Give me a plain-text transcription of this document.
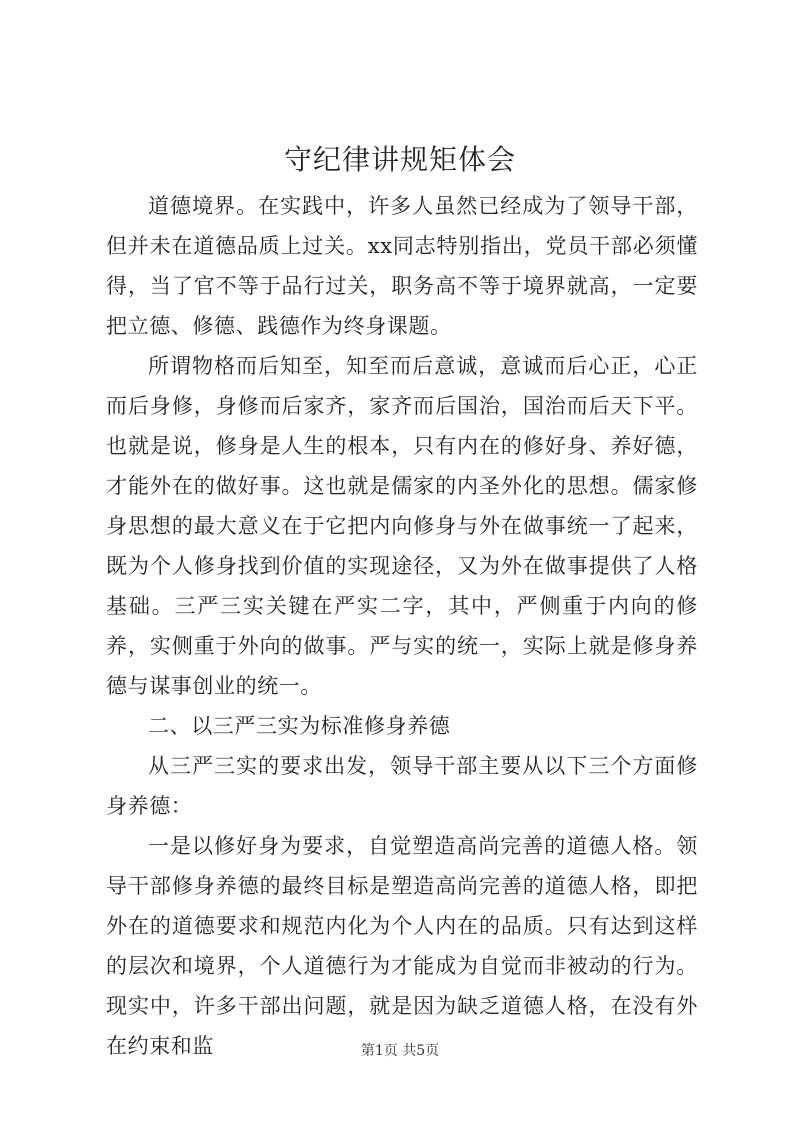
守纪律讲规矩体会

道德境界。在实践中，许多人虽然已经成为了领导干部，但并未在道德品质上过关。xx同志特别指出，党员干部必须懂得，当了官不等于品行过关，职务高不等于境界就高，一定要把立德、修德、践德作为终身课题。

所谓物格而后知至，知至而后意诚，意诚而后心正，心正而后身修，身修而后家齐，家齐而后国治，国治而后天下平。也就是说，修身是人生的根本，只有内在的修好身、养好德，才能外在的做好事。这也就是儒家的内圣外化的思想。儒家修身思想的最大意义在于它把内向修身与外在做事统一了起来，既为个人修身找到价值的实现途径，又为外在做事提供了人格基础。三严三实关键在严实二字，其中，严侧重于内向的修养，实侧重于外向的做事。严与实的统一，实际上就是修身养德与谋事创业的统一。

二、以三严三实为标准修身养德

从三严三实的要求出发，领导干部主要从以下三个方面修身养德：

一是以修好身为要求，自觉塑造高尚完善的道德人格。领导干部修身养德的最终目标是塑造高尚完善的道德人格，即把外在的道德要求和规范内化为个人内在的品质。只有达到这样的层次和境界，个人道德行为才能成为自觉而非被动的行为。现实中，许多干部出问题，就是因为缺乏道德人格，在没有外在约束和监	第1页 共5页
